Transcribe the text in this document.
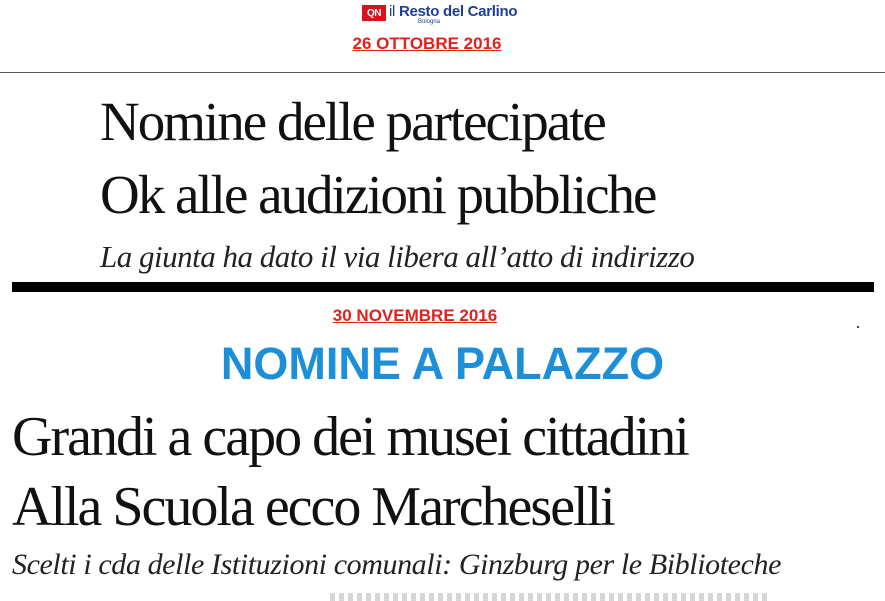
QN il Resto del Carlino
Bologna
26 OTTOBRE 2016
Nomine delle partecipate
Ok alle audizioni pubbliche
La giunta ha dato il via libera all’atto di indirizzo
30 NOVEMBRE 2016
NOMINE A PALAZZO
Grandi a capo dei musei cittadini
Alla Scuola ecco Marcheselli
Scelti i cda delle Istituzioni comunali: Ginzburg per le Biblioteche
